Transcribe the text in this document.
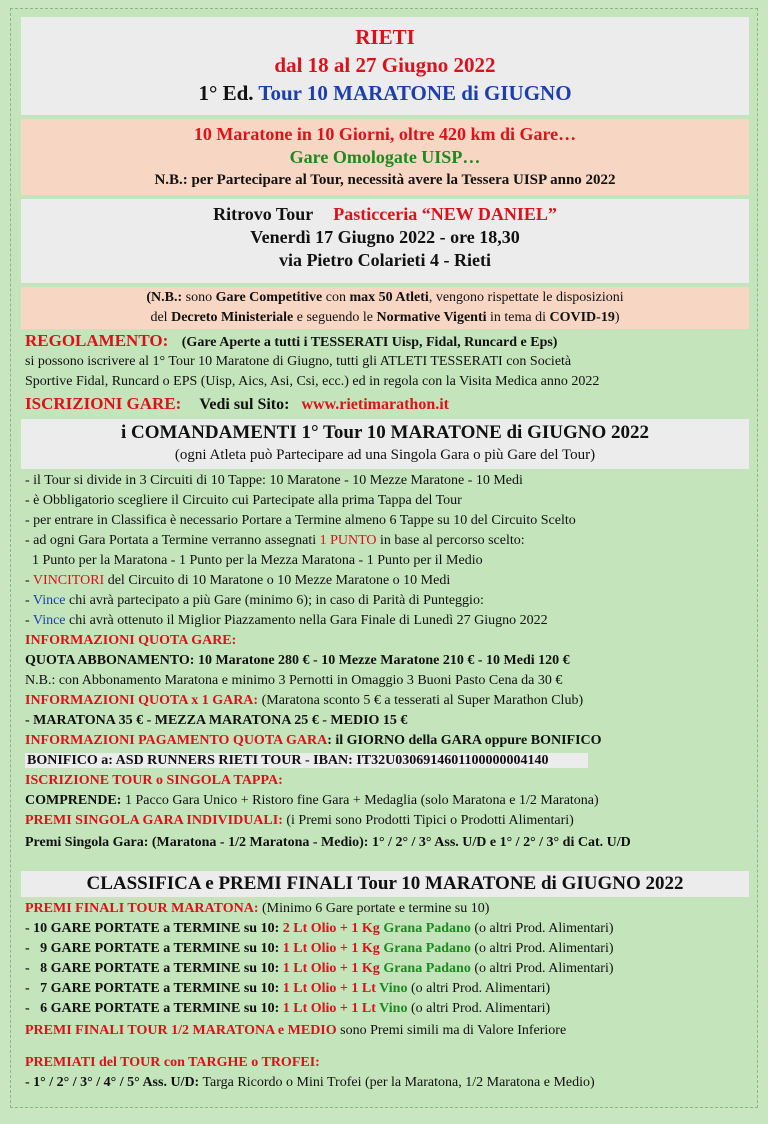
RIETI
dal 18 al 27 Giugno 2022
1° Ed. Tour 10 MARATONE di GIUGNO
10 Maratone in 10 Giorni, oltre 420 km di Gare…
Gare Omologate UISP…
N.B.: per Partecipare al Tour, necessità avere la Tessera UISP anno 2022
Ritrovo Tour Pasticceria “NEW DANIEL”
Venerdì 17 Giugno 2022 - ore 18,30
via Pietro Colarieti 4 - Rieti
(N.B.: sono Gare Competitive con max 50 Atleti, vengono rispettate le disposizioni
del Decreto Ministeriale e seguendo le Normative Vigenti in tema di COVID-19)
REGOLAMENTO: (Gare Aperte a tutti i TESSERATI Uisp, Fidal, Runcard e Eps)
si possono iscrivere al 1° Tour 10 Maratone di Giugno, tutti gli ATLETI TESSERATI con Società
Sportive Fidal, Runcard o EPS (Uisp, Aics, Asi, Csi, ecc.) ed in regola con la Visita Medica anno 2022
ISCRIZIONI GARE: Vedi sul Sito: www.rietimarathon.it
i COMANDAMENTI 1° Tour 10 MARATONE di GIUGNO 2022
(ogni Atleta può Partecipare ad una Singola Gara o più Gare del Tour)
- il Tour si divide in 3 Circuiti di 10 Tappe: 10 Maratone - 10 Mezze Maratone - 10 Medi
- è Obbligatorio scegliere il Circuito cui Partecipate alla prima Tappa del Tour
- per entrare in Classifica è necessario Portare a Termine almeno 6 Tappe su 10 del Circuito Scelto
- ad ogni Gara Portata a Termine verranno assegnati 1 PUNTO in base al percorso scelto:
1 Punto per la Maratona - 1 Punto per la Mezza Maratona - 1 Punto per il Medio
- VINCITORI del Circuito di 10 Maratone o 10 Mezze Maratone o 10 Medi
- Vince chi avrà partecipato a più Gare (minimo 6); in caso di Parità di Punteggio:
- Vince chi avrà ottenuto il Miglior Piazzamento nella Gara Finale di Lunedì 27 Giugno 2022
INFORMAZIONI QUOTA GARE:
QUOTA ABBONAMENTO: 10 Maratone 280 € - 10 Mezze Maratone 210 € - 10 Medi 120 €
N.B.: con Abbonamento Maratona e minimo 3 Pernotti in Omaggio 3 Buoni Pasto Cena da 30 €
INFORMAZIONI QUOTA x 1 GARA: (Maratona sconto 5 € a tesserati al Super Marathon Club)
- MARATONA 35 € - MEZZA MARATONA 25 € - MEDIO 15 €
INFORMAZIONI PAGAMENTO QUOTA GARA: il GIORNO della GARA oppure BONIFICO
BONIFICO a: ASD RUNNERS RIETI TOUR - IBAN: IT32U0306914601100000004140
ISCRIZIONE TOUR o SINGOLA TAPPA:
COMPRENDE: 1 Pacco Gara Unico + Ristoro fine Gara + Medaglia (solo Maratona e 1/2 Maratona)
PREMI SINGOLA GARA INDIVIDUALI: (i Premi sono Prodotti Tipici o Prodotti Alimentari)
Premi Singola Gara: (Maratona - 1/2 Maratona - Medio): 1° / 2° / 3° Ass. U/D e 1° / 2° / 3° di Cat. U/D
CLASSIFICA e PREMI FINALI Tour 10 MARATONE di GIUGNO 2022
PREMI FINALI TOUR MARATONA: (Minimo 6 Gare portate e termine su 10)
- 10 GARE PORTATE a TERMINE su 10: 2 Lt Olio + 1 Kg Grana Padano (o altri Prod. Alimentari)
-   9 GARE PORTATE a TERMINE su 10: 1 Lt Olio + 1 Kg Grana Padano (o altri Prod. Alimentari)
-   8 GARE PORTATE a TERMINE su 10: 1 Lt Olio + 1 Kg Grana Padano (o altri Prod. Alimentari)
-   7 GARE PORTATE a TERMINE su 10: 1 Lt Olio + 1 Lt Vino (o altri Prod. Alimentari)
-   6 GARE PORTATE a TERMINE su 10: 1 Lt Olio + 1 Lt Vino (o altri Prod. Alimentari)
PREMI FINALI TOUR 1/2 MARATONA e MEDIO sono Premi simili ma di Valore Inferiore
PREMIATI del TOUR con TARGHE o TROFEI:
- 1° / 2° / 3° / 4° / 5° Ass. U/D: Targa Ricordo o Mini Trofei (per la Maratona, 1/2 Maratona e Medio)
